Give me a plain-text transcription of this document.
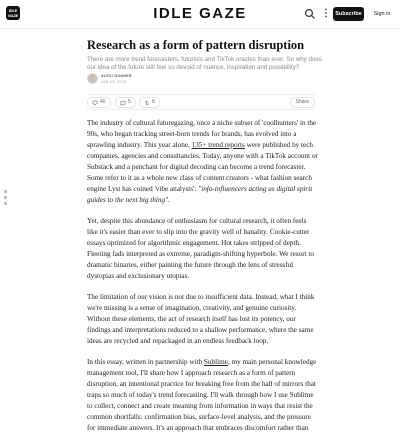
IDLE GAZE	IDLE GAZE	⋮ Subscribe	Sign in
Research as a form of pattern disruption

There are more trend forecasters, futurists and TikTok oracles than ever. So why does our idea of the future still feel so devoid of nuance, inspiration and possibility?

ALEXI GUNNER
JAN 13, 2025
40	5	8	Share

The industry of cultural futuregazing, once a niche subset of 'coolhunters' in the 90s, who began tracking street-born trends for brands, has evolved into a sprawling industry. This year alone, 135+ trend reports were published by tech companies, agencies and consultancies. Today, anyone with a TikTok account or Substack and a penchant for digital decoding can become a trend forecaster. Some refer to it as a whole new class of content creators - what fashion search engine Lyst has coined 'vibe analysts': "info-influencers acting as digital spirit guides to the next big thing".

Yet, despite this abundance of enthusiasm for cultural research, it often feels like it's easier than ever to slip into the gravity well of banality. Cookie-cutter essays optimized for algorithmic engagement. Hot takes stripped of depth. Fleeting fads interpreted as extreme, paradigm-shifting hyperbole. We resort to dramatic binaries, either painting the future through the lens of stressful dystopias and exclusionary utopias.

The limitation of our vision is not due to insufficient data. Instead, what I think we're missing is a sense of imagination, creativity, and genuine curiosity. Without these elements, the act of research itself has lost its potency, our findings and interpretations reduced to a shallow performance, where the same ideas are recycled and repackaged in an endless feedback loop.

In this essay, written in partnership with Sublime, my main personal knowledge management tool, I'll share how I approach research as a form of pattern disruption, an intentional practice for breaking free from the hall of mirrors that traps so much of today's trend forecasting. I'll walk through how I use Sublime to collect, connect and create meaning from information in ways that resist the common shortfalls: confirmation bias, surface-level analysis, and the pressure for immediate answers. It's an approach that embraces discomfort rather than
